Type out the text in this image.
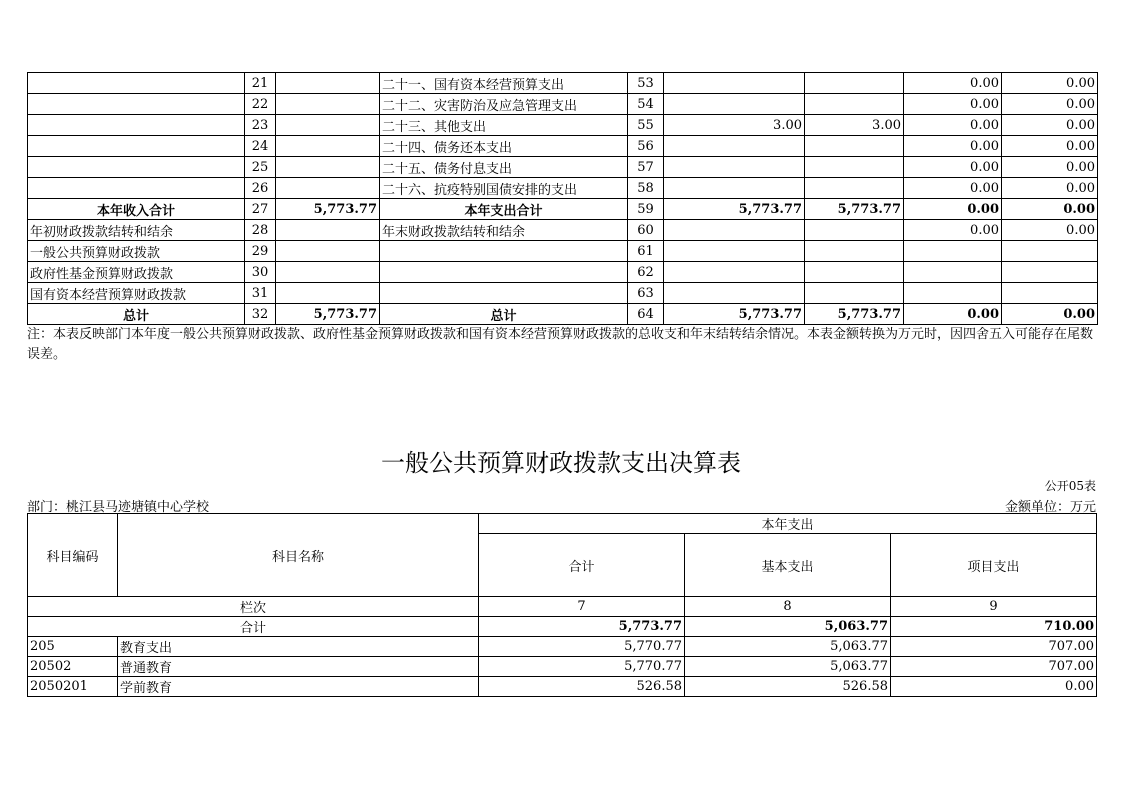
	21		二十一、国有资本经营预算支出	53			0.00	0.00
	22		二十二、灾害防治及应急管理支出	54			0.00	0.00
	23		二十三、其他支出	55	3.00	3.00	0.00	0.00
	24		二十四、债务还本支出	56			0.00	0.00
	25		二十五、债务付息支出	57			0.00	0.00
	26		二十六、抗疫特别国债安排的支出	58			0.00	0.00
本年收入合计	27	5,773.77	本年支出合计	59	5,773.77	5,773.77	0.00	0.00
年初财政拨款结转和结余	28		年末财政拨款结转和结余	60			0.00	0.00
一般公共预算财政拨款	29			61				
政府性基金预算财政拨款	30			62				
国有资本经营预算财政拨款	31			63				
总计	32	5,773.77	总计	64	5,773.77	5,773.77	0.00	0.00
注：本表反映部门本年度一般公共预算财政拨款、政府性基金预算财政拨款和国有资本经营预算财政拨款的总收支和年末结转结余情况。本表金额转换为万元时，因四舍五入可能存在尾数误差。
一般公共预算财政拨款支出决算表
公开05表
部门：桃江县马迹塘镇中心学校	金额单位：万元
科目编码	科目名称	本年支出		
		合计	基本支出	项目支出
栏次		7	8	9
合计		5,773.77	5,063.77	710.00
205	教育支出	5,770.77	5,063.77	707.00
20502	普通教育	5,770.77	5,063.77	707.00
2050201	学前教育	526.58	526.58	0.00
